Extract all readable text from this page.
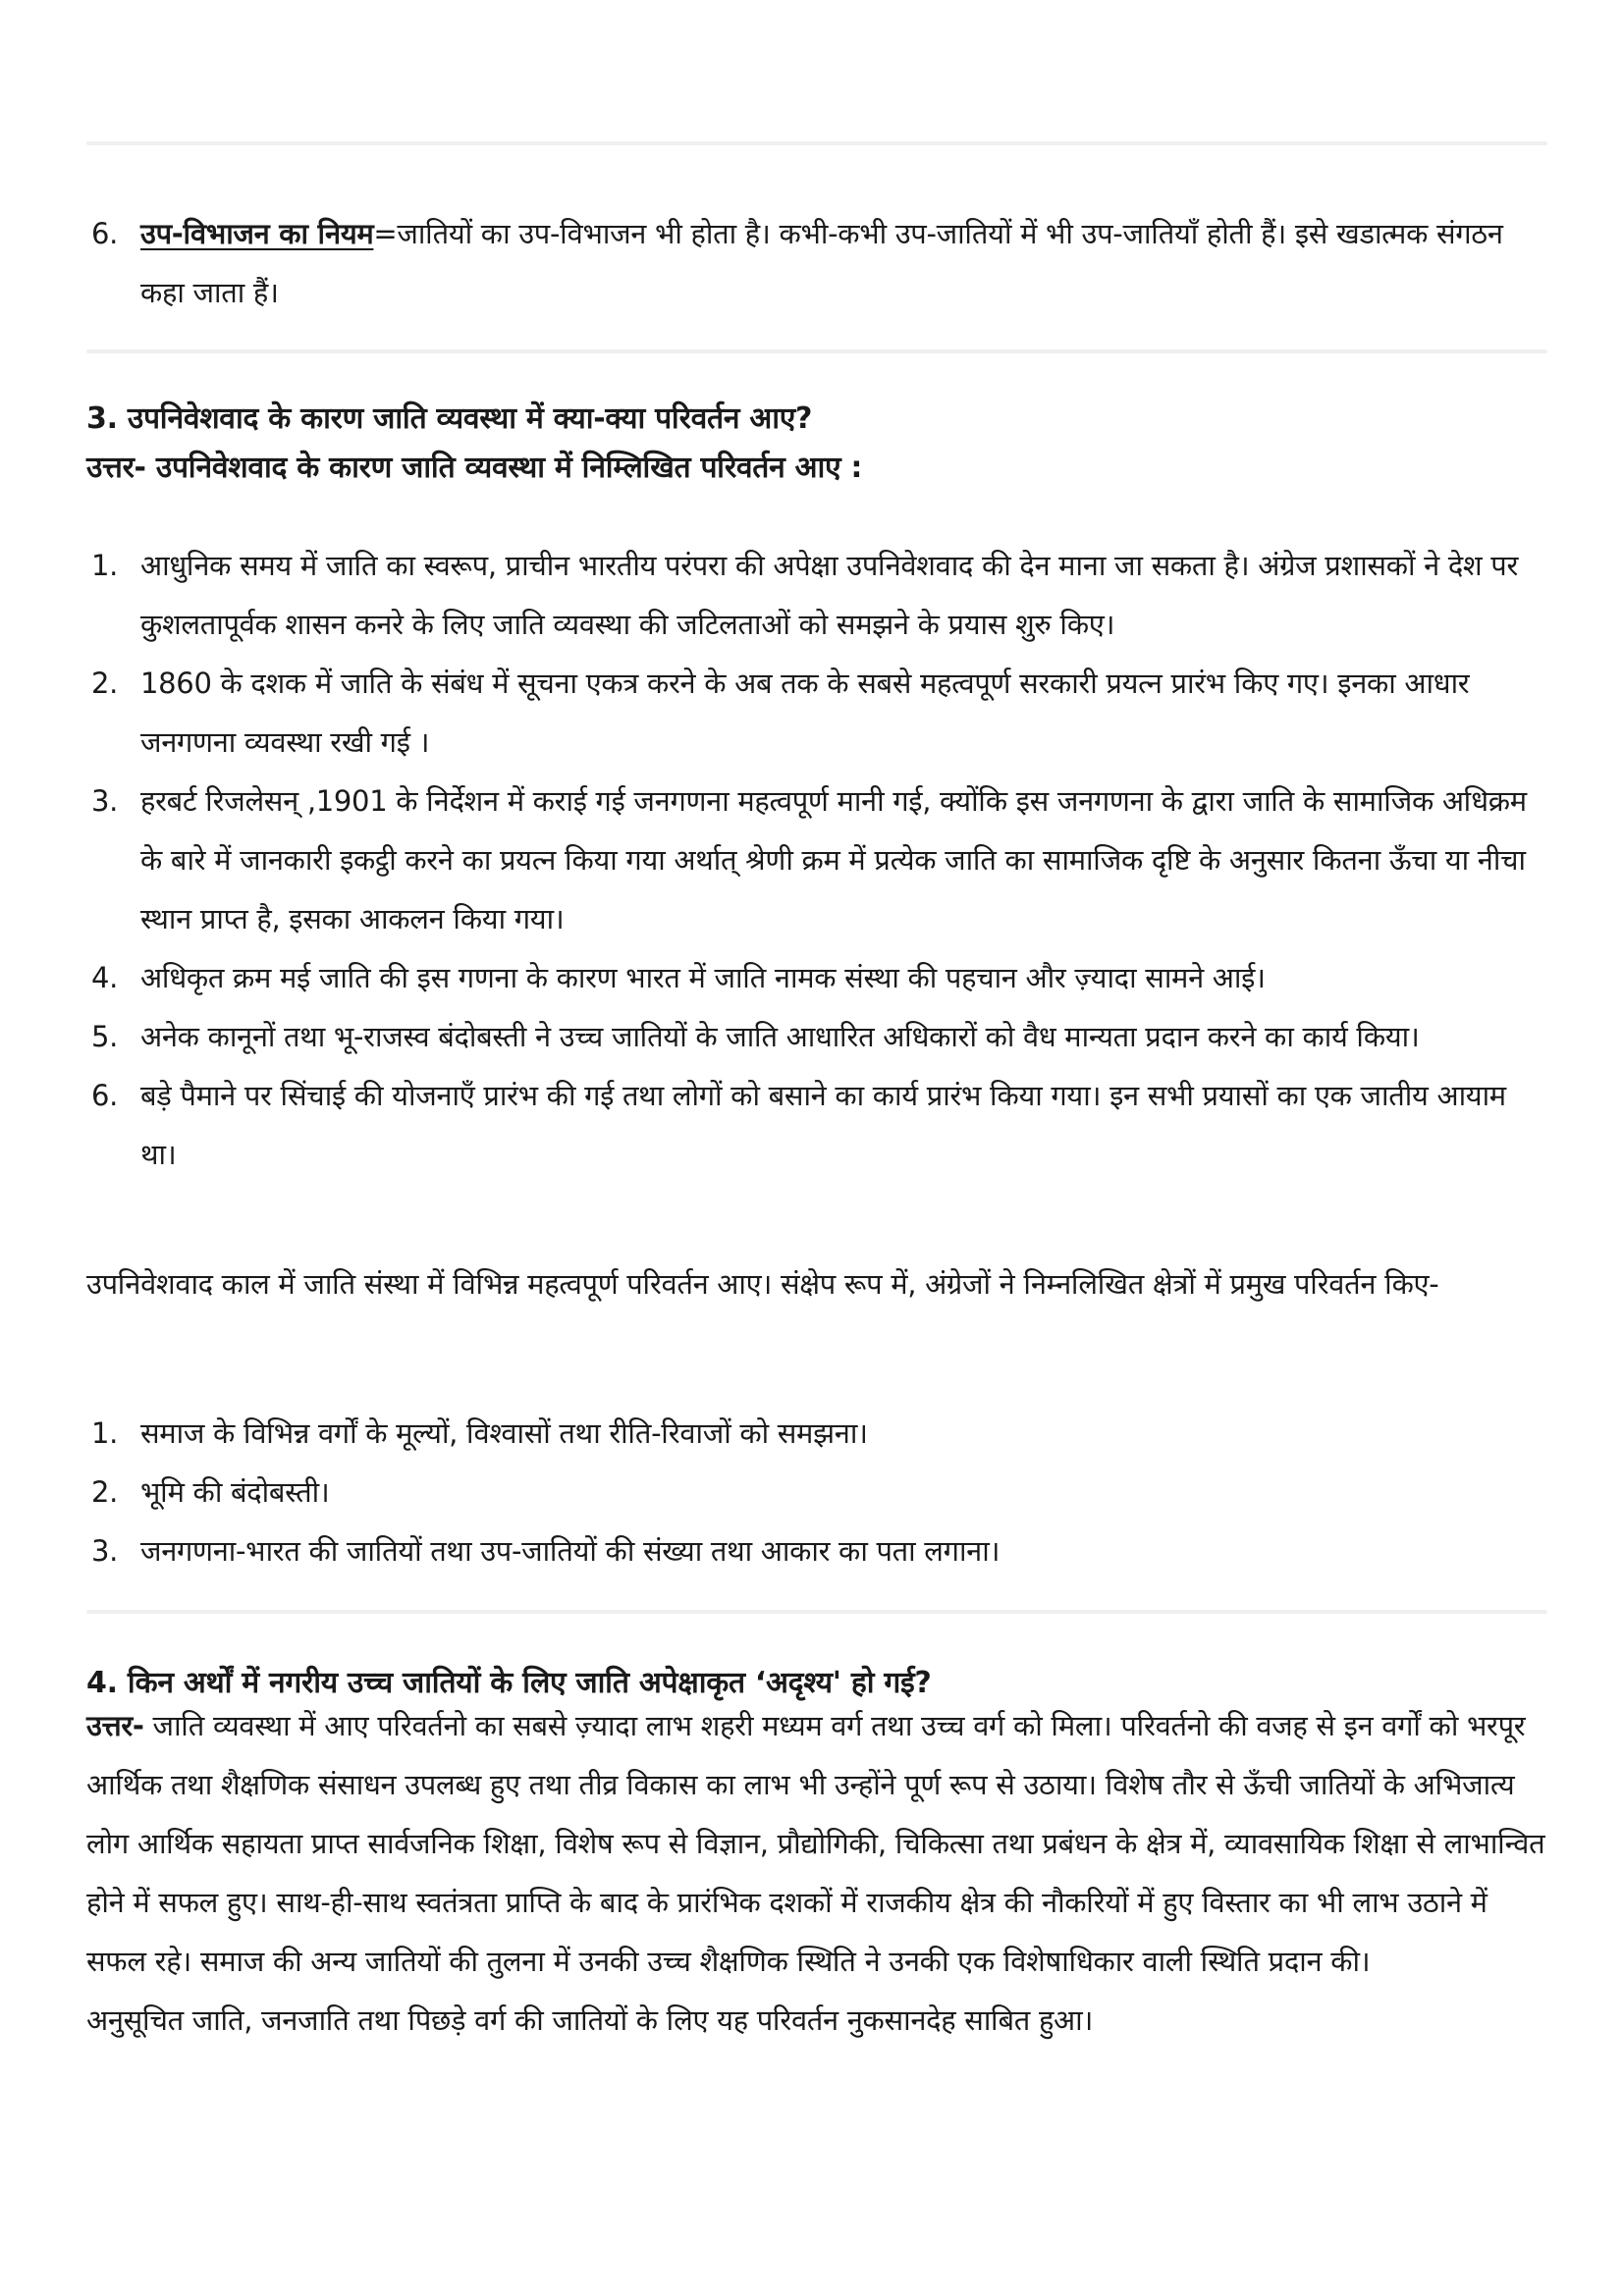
6. उप-विभाजन का नियम=जातियों का उप-विभाजन भी होता है। कभी-कभी उप-जातियों में भी उप-जातियाँ होती हैं। इसे खडात्मक संगठन कहा जाता हैं।

3. उपनिवेशवाद के कारण जाति व्यवस्था में क्या-क्या परिवर्तन आए?

उत्तर- उपनिवेशवाद के कारण जाति व्यवस्था में निम्लिखित परिवर्तन आए :

1. आधुनिक समय में जाति का स्वरूप, प्राचीन भारतीय परंपरा की अपेक्षा उपनिवेशवाद की देन माना जा सकता है। अंग्रेज प्रशासकों ने देश पर कुशलतापूर्वक शासन कनरे के लिए जाति व्यवस्था की जटिलताओं को समझने के प्रयास शुरु किए।
2. 1860 के दशक में जाति के संबंध में सूचना एकत्र करने के अब तक के सबसे महत्वपूर्ण सरकारी प्रयत्न प्रारंभ किए गए। इनका आधार जनगणना व्यवस्था रखी गई ।
3. हरबर्ट रिजलेसन् ,1901 के निर्देशन में कराई गई जनगणना महत्वपूर्ण मानी गई, क्योंकि इस जनगणना के द्वारा जाति के सामाजिक अधिक्रम के बारे में जानकारी इकट्ठी करने का प्रयत्न किया गया अर्थात् श्रेणी क्रम में प्रत्येक जाति का सामाजिक दृष्टि के अनुसार कितना ऊँचा या नीचा स्थान प्राप्त है, इसका आकलन किया गया।
4. अधिकृत क्रम मई जाति की इस गणना के कारण भारत में जाति नामक संस्था की पहचान और ज़्यादा सामने आई।
5. अनेक कानूनों तथा भू-राजस्व बंदोबस्ती ने उच्च जातियों के जाति आधारित अधिकारों को वैध मान्यता प्रदान करने का कार्य किया।
6. बड़े पैमाने पर सिंचाई की योजनाएँ प्रारंभ की गई तथा लोगों को बसाने का कार्य प्रारंभ किया गया। इन सभी प्रयासों का एक जातीय आयाम था।

उपनिवेशवाद काल में जाति संस्था में विभिन्न महत्वपूर्ण परिवर्तन आए। संक्षेप रूप में, अंग्रेजों ने निम्नलिखित क्षेत्रों में प्रमुख परिवर्तन किए-

1. समाज के विभिन्न वर्गों के मूल्यों, विश्वासों तथा रीति-रिवाजों को समझना।
2. भूमि की बंदोबस्ती।
3. जनगणना-भारत की जातियों तथा उप-जातियों की संख्या तथा आकार का पता लगाना।

4. किन अर्थों में नगरीय उच्च जातियों के लिए जाति अपेक्षाकृत ‘अदृश्य' हो गई?

उत्तर- जाति व्यवस्था में आए परिवर्तनो का सबसे ज़्यादा लाभ शहरी मध्यम वर्ग तथा उच्च वर्ग को मिला। परिवर्तनो की वजह से इन वर्गों को भरपूर आर्थिक तथा शैक्षणिक संसाधन उपलब्ध हुए तथा तीव्र विकास का लाभ भी उन्होंने पूर्ण रूप से उठाया। विशेष तौर से ऊँची जातियों के अभिजात्य लोग आर्थिक सहायता प्राप्त सार्वजनिक शिक्षा, विशेष रूप से विज्ञान, प्रौद्योगिकी, चिकित्सा तथा प्रबंधन के क्षेत्र में, व्यावसायिक शिक्षा से लाभान्वित होने में सफल हुए। साथ-ही-साथ स्वतंत्रता प्राप्ति के बाद के प्रारंभिक दशकों में राजकीय क्षेत्र की नौकरियों में हुए विस्तार का भी लाभ उठाने में सफल रहे। समाज की अन्य जातियों की तुलना में उनकी उच्च शैक्षणिक स्थिति ने उनकी एक विशेषाधिकार वाली स्थिति प्रदान की।

अनुसूचित जाति, जनजाति तथा पिछड़े वर्ग की जातियों के लिए यह परिवर्तन नुकसानदेह साबित हुआ।
